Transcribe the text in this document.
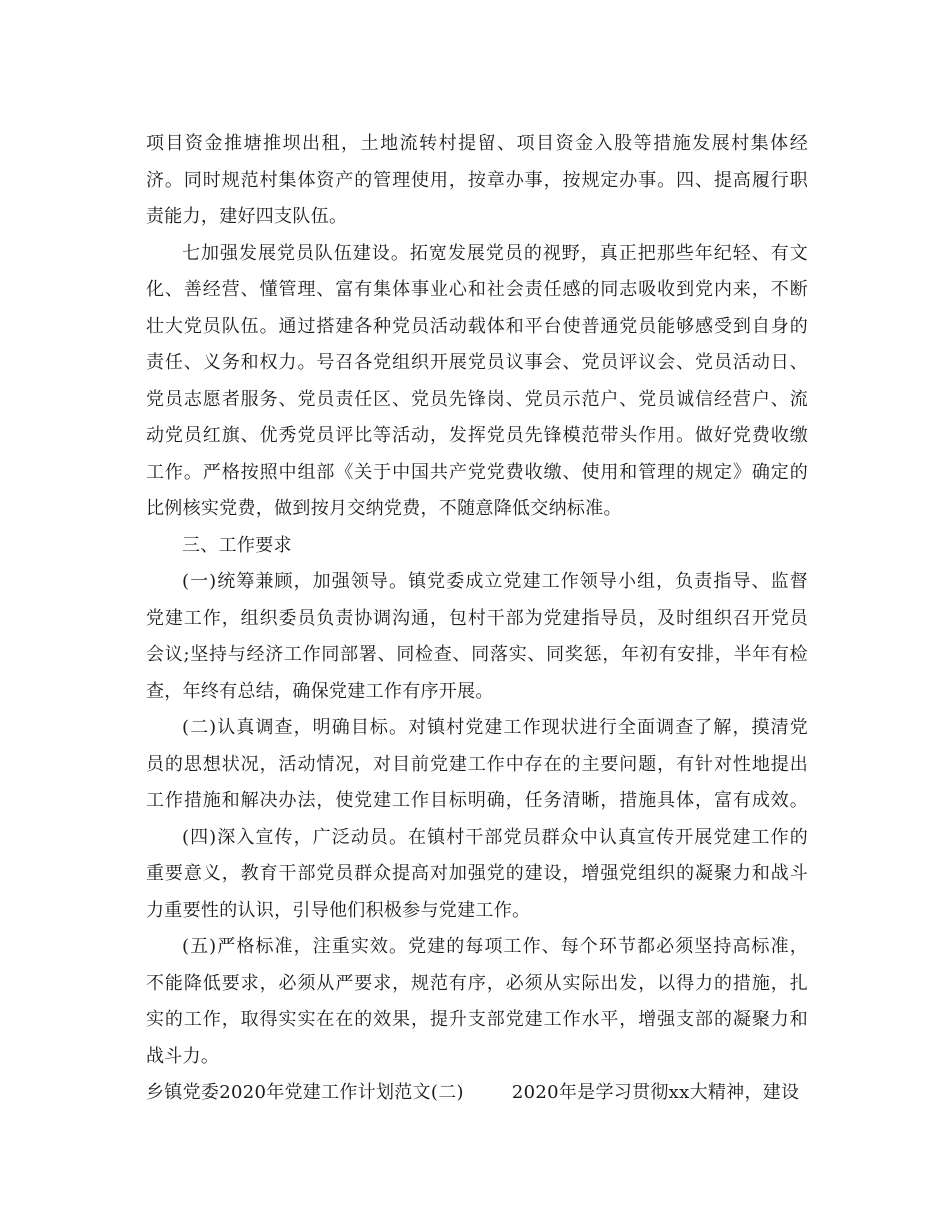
项目资金推塘推坝出租，土地流转村提留、项目资金入股等措施发展村集体经
济。同时规范村集体资产的管理使用，按章办事，按规定办事。四、提高履行职
责能力，建好四支队伍。
七加强发展党员队伍建设。拓宽发展党员的视野，真正把那些年纪轻、有文
化、善经营、懂管理、富有集体事业心和社会责任感的同志吸收到党内来，不断
壮大党员队伍。通过搭建各种党员活动载体和平台使普通党员能够感受到自身的
责任、义务和权力。号召各党组织开展党员议事会、党员评议会、党员活动日、
党员志愿者服务、党员责任区、党员先锋岗、党员示范户、党员诚信经营户、流
动党员红旗、优秀党员评比等活动，发挥党员先锋模范带头作用。做好党费收缴
工作。严格按照中组部《关于中国共产党党费收缴、使用和管理的规定》确定的
比例核实党费，做到按月交纳党费，不随意降低交纳标准。
三、工作要求
(一)统筹兼顾，加强领导。镇党委成立党建工作领导小组，负责指导、监督
党建工作，组织委员负责协调沟通，包村干部为党建指导员，及时组织召开党员
会议;坚持与经济工作同部署、同检查、同落实、同奖惩，年初有安排，半年有检
查，年终有总结，确保党建工作有序开展。
(二)认真调查，明确目标。对镇村党建工作现状进行全面调查了解，摸清党
员的思想状况，活动情况，对目前党建工作中存在的主要问题，有针对性地提出
工作措施和解决办法，使党建工作目标明确，任务清晰，措施具体，富有成效。
(四)深入宣传，广泛动员。在镇村干部党员群众中认真宣传开展党建工作的
重要意义，教育干部党员群众提高对加强党的建设，增强党组织的凝聚力和战斗
力重要性的认识，引导他们积极参与党建工作。
(五)严格标准，注重实效。党建的每项工作、每个环节都必须坚持高标准，
不能降低要求，必须从严要求，规范有序，必须从实际出发，以得力的措施，扎
实的工作，取得实实在在的效果，提升支部党建工作水平，增强支部的凝聚力和
战斗力。
乡镇党委2020年党建工作计划范文(二)	2020年是学习贯彻xx大精神，建设
